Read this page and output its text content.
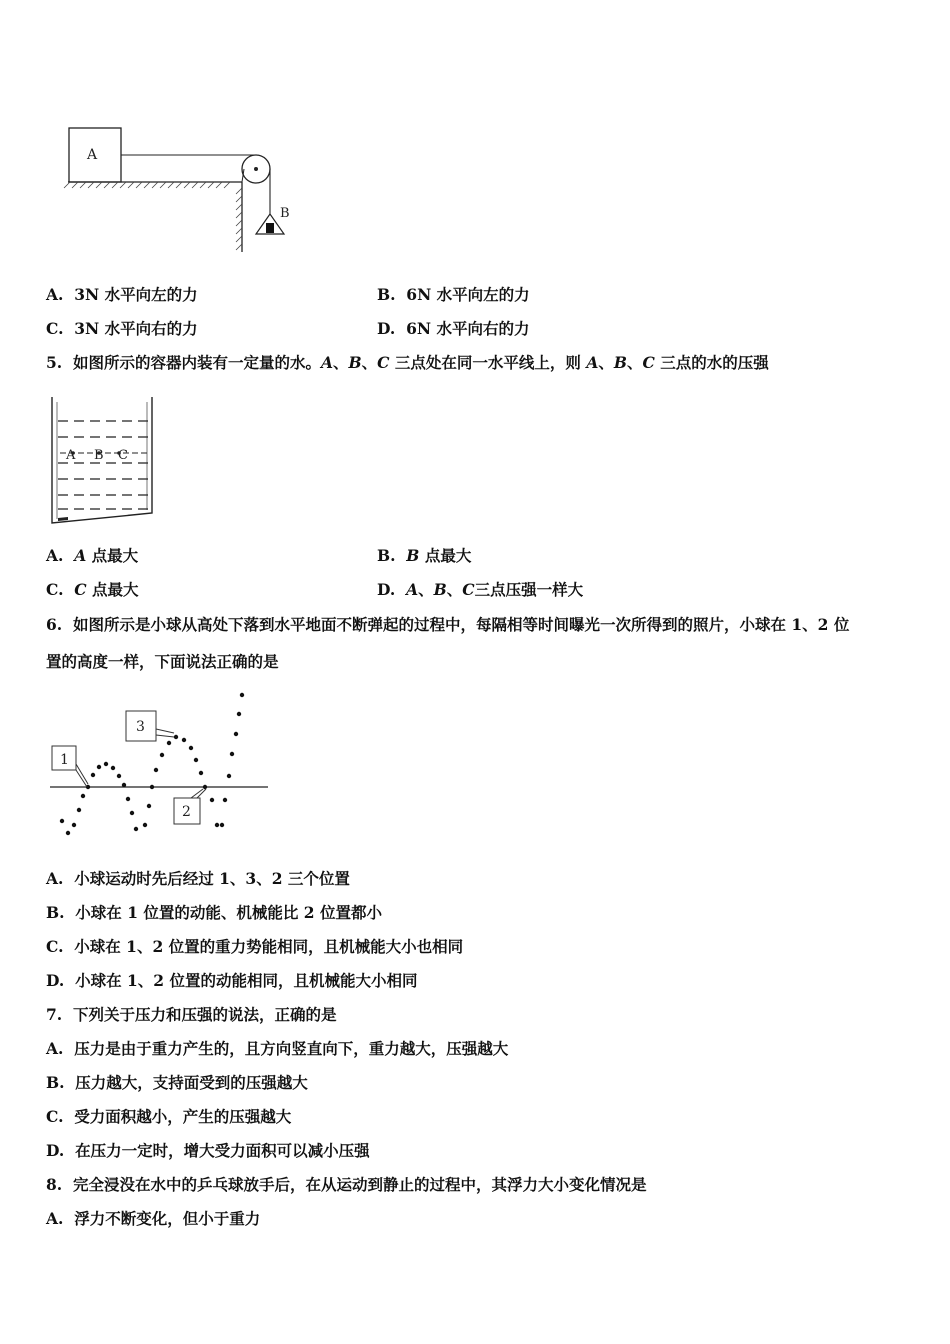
A
B
A. 3N 水平向左的力	B. 6N 水平向左的力
C. 3N 水平向右的力	D. 6N 水平向右的力
5. 如图所示的容器内装有一定量的水。A、B、C 三点处在同一水平线上，则 A、B、C 三点的水的压强
A B C
A. A 点最大	B. B 点最大
C. C 点最大	D. A、B、C三点压强一样大
6. 如图所示是小球从高处下落到水平地面不断弹起的过程中，每隔相等时间曝光一次所得到的照片，小球在 1、2 位
置的高度一样，下面说法正确的是
1
3
2
A. 小球运动时先后经过 1、3、2 三个位置
B. 小球在 1 位置的动能、机械能比 2 位置都小
C. 小球在 1、2 位置的重力势能相同，且机械能大小也相同
D. 小球在 1、2 位置的动能相同，且机械能大小相同
7. 下列关于压力和压强的说法，正确的是
A. 压力是由于重力产生的，且方向竖直向下，重力越大，压强越大
B. 压力越大，支持面受到的压强越大
C. 受力面积越小，产生的压强越大
D. 在压力一定时，增大受力面积可以减小压强
8. 完全浸没在水中的乒乓球放手后，在从运动到静止的过程中，其浮力大小变化情况是
A. 浮力不断变化，但小于重力
